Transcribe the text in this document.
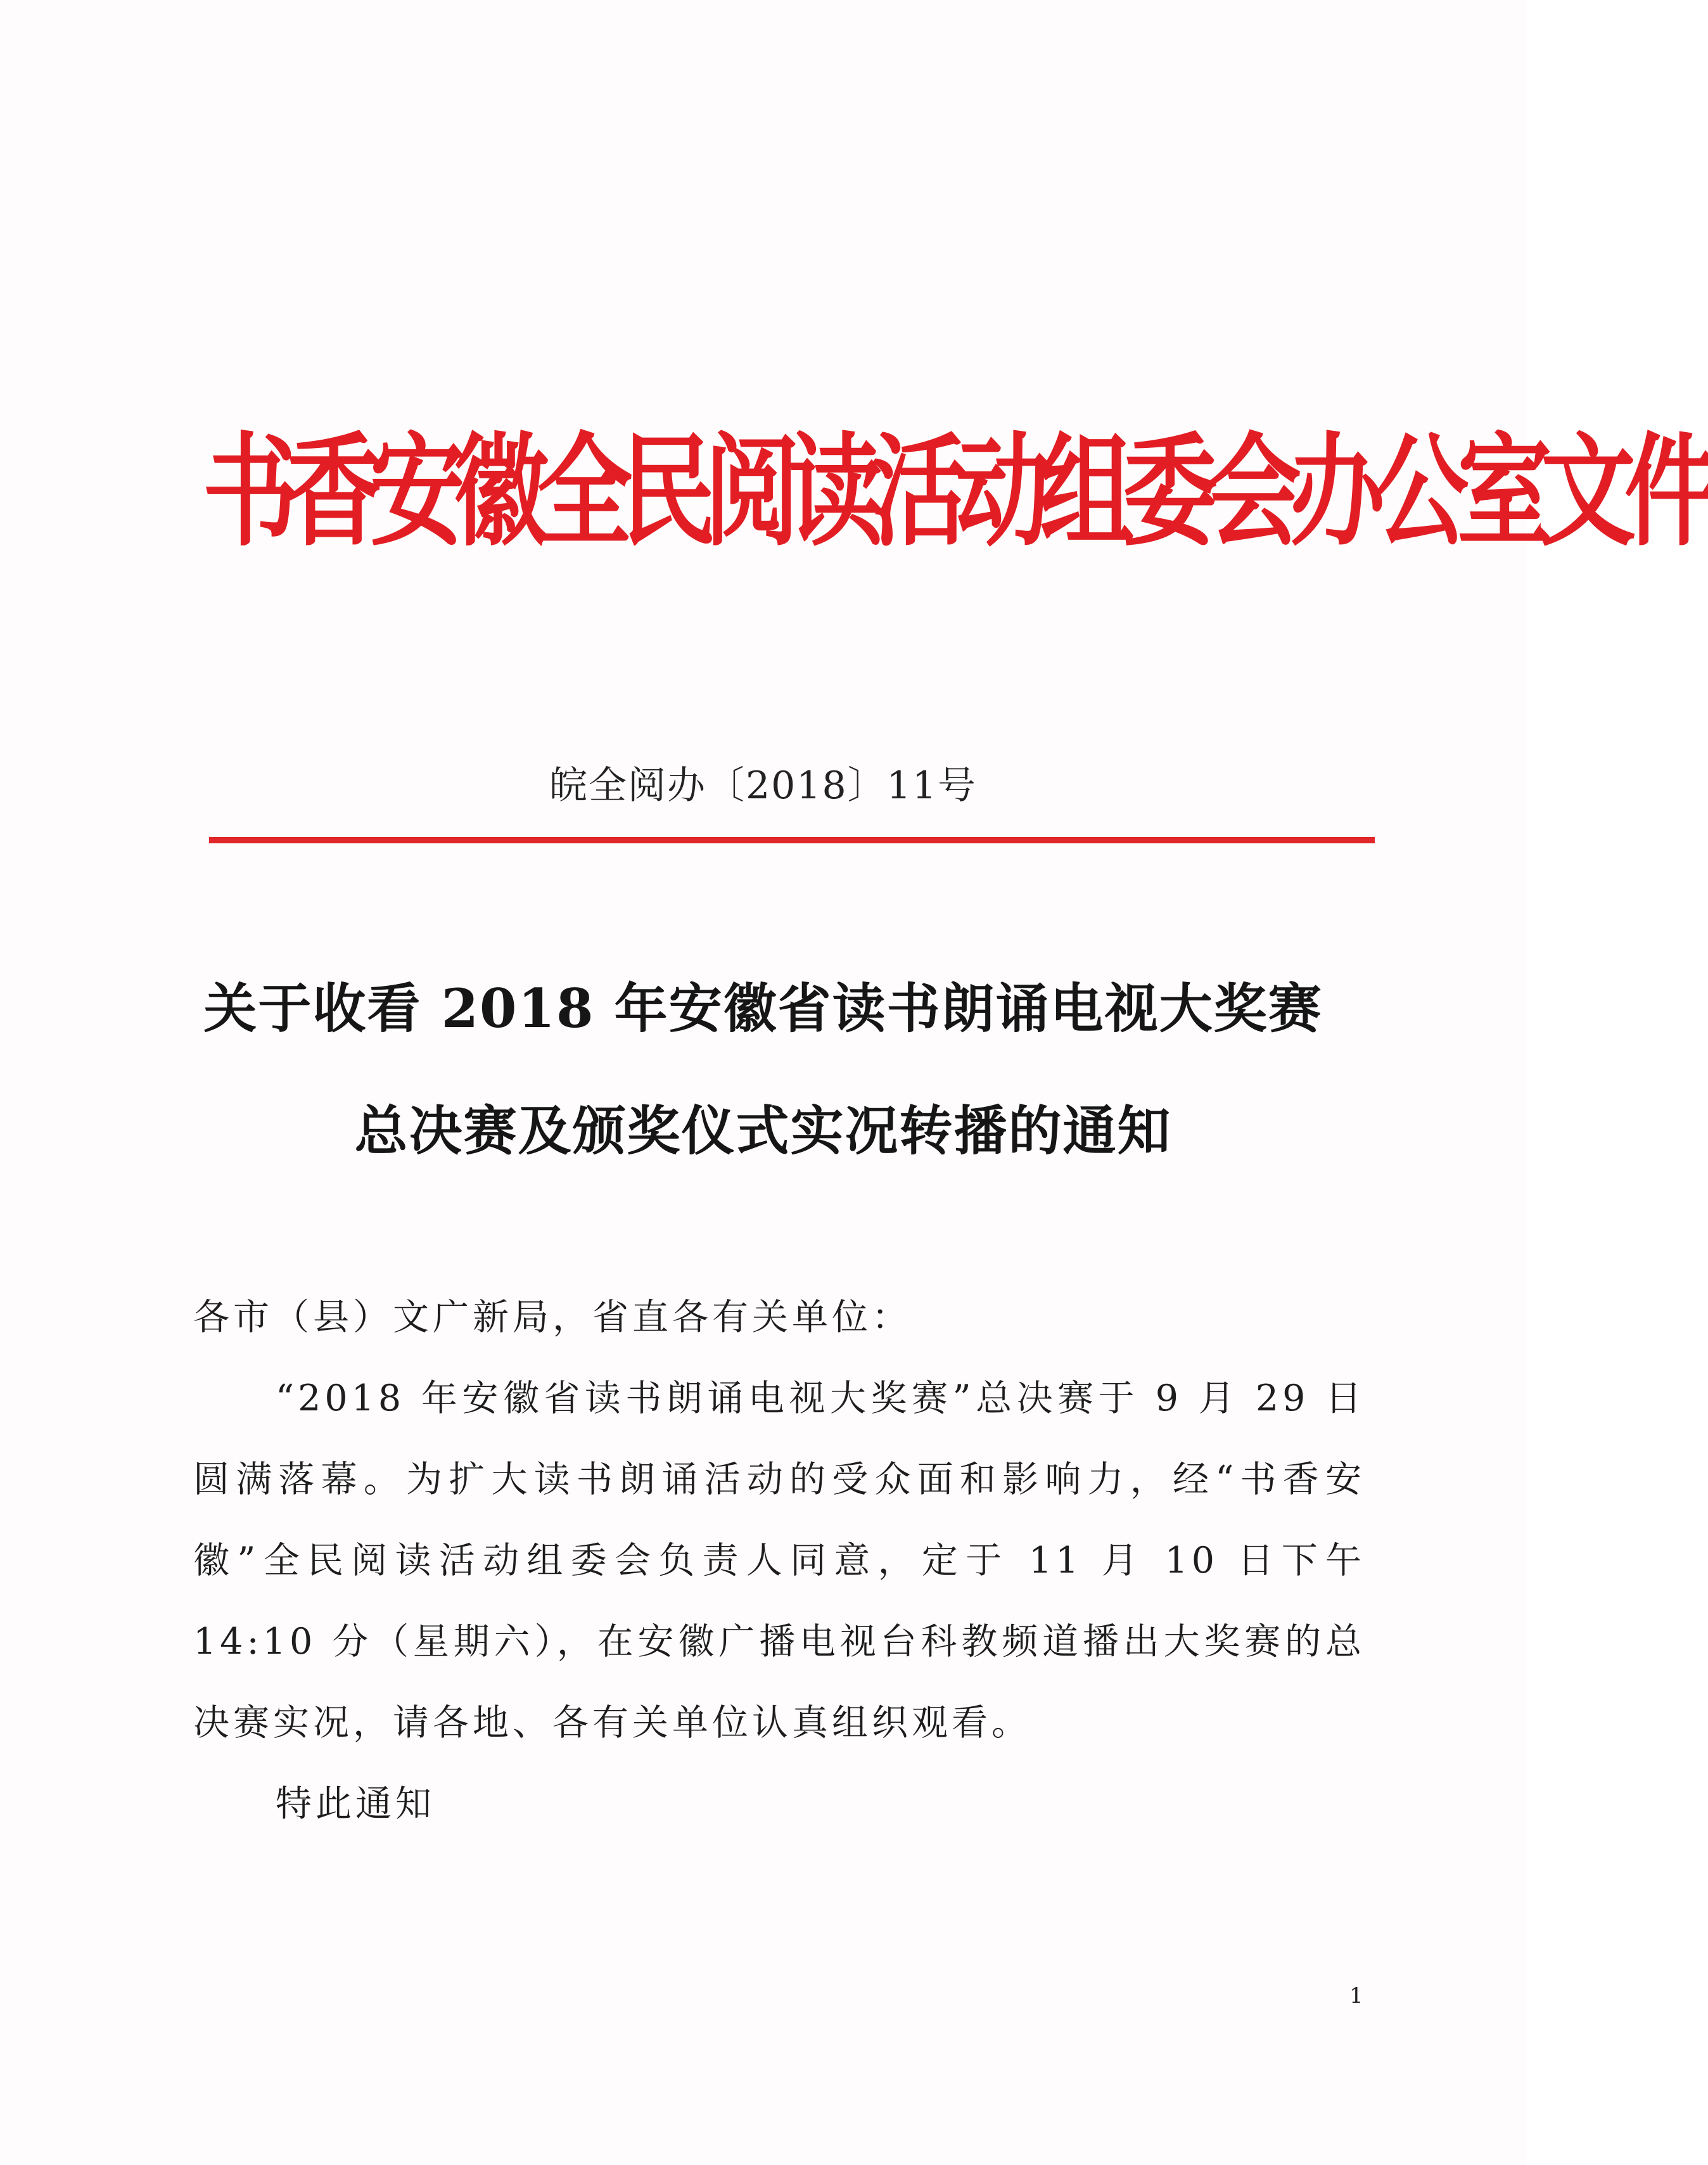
书香安徽全民阅读活动组委会办公室文件
皖全阅办〔2018〕11号
关于收看 2018 年安徽省读书朗诵电视大奖赛
总决赛及颁奖仪式实况转播的通知

各市（县）文广新局，省直各有关单位：

“2018 年安徽省读书朗诵电视大奖赛”总决赛于 9 月 29 日圆满落幕。为扩大读书朗诵活动的受众面和影响力，经“书香安徽”全民阅读活动组委会负责人同意，定于 11 月 10 日下午 14:10 分（星期六），在安徽广播电视台科教频道播出大奖赛的总决赛实况，请各地、各有关单位认真组织观看。

特此通知

1
